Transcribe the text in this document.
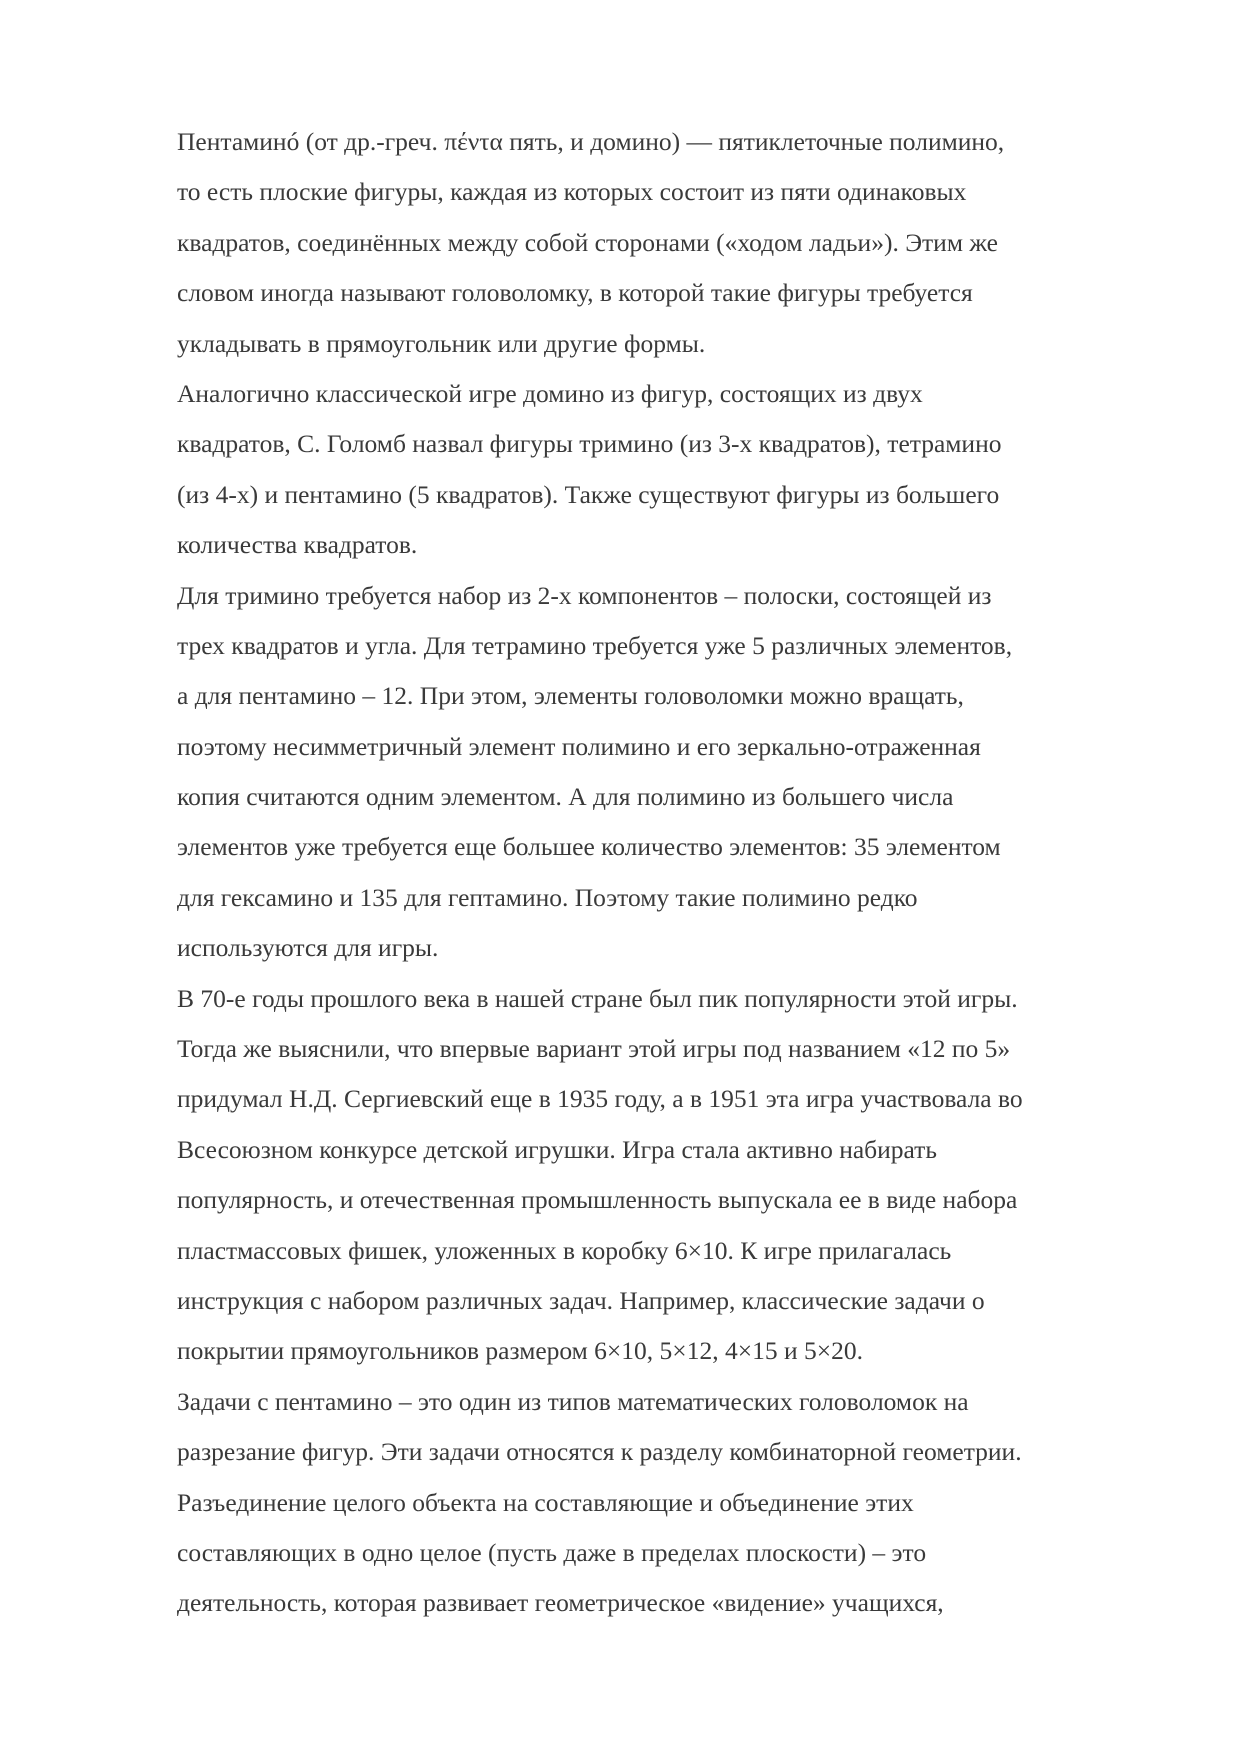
Пентаминó (от др.-греч. πέντα пять, и домино) — пятиклеточные полимино,
то есть плоские фигуры, каждая из которых состоит из пяти одинаковых
квадратов, соединённых между собой сторонами («ходом ладьи»). Этим же
словом иногда называют головоломку, в которой такие фигуры требуется
укладывать в прямоугольник или другие формы.
Аналогично классической игре домино из фигур, состоящих из двух
квадратов, С. Голомб назвал фигуры тримино (из 3-х квадратов), тетрамино
(из 4-х) и пентамино (5 квадратов). Также существуют фигуры из большего
количества квадратов.
Для тримино требуется набор из 2-х компонентов – полоски, состоящей из
трех квадратов и угла. Для тетрамино требуется уже 5 различных элементов,
а для пентамино – 12. При этом, элементы головоломки можно вращать,
поэтому несимметричный элемент полимино и его зеркально-отраженная
копия считаются одним элементом. А для полимино из большего числа
элементов уже требуется еще большее количество элементов: 35 элементом
для гексамино и 135 для гептамино. Поэтому такие полимино редко
используются для игры.
В 70-е годы прошлого века в нашей стране был пик популярности этой игры.
Тогда же выяснили, что впервые вариант этой игры под названием «12 по 5»
придумал Н.Д. Сергиевский еще в 1935 году, а в 1951 эта игра участвовала во
Всесоюзном конкурсе детской игрушки. Игра стала активно набирать
популярность, и отечественная промышленность выпускала ее в виде набора
пластмассовых фишек, уложенных в коробку 6×10. К игре прилагалась
инструкция с набором различных задач. Например, классические задачи о
покрытии прямоугольников размером 6×10, 5×12, 4×15 и 5×20.
Задачи с пентамино – это один из типов математических головоломок на
разрезание фигур. Эти задачи относятся к разделу комбинаторной геометрии.
Разъединение целого объекта на составляющие и объединение этих
составляющих в одно целое (пусть даже в пределах плоскости) – это
деятельность, которая развивает геометрическое «видение» учащихся,
